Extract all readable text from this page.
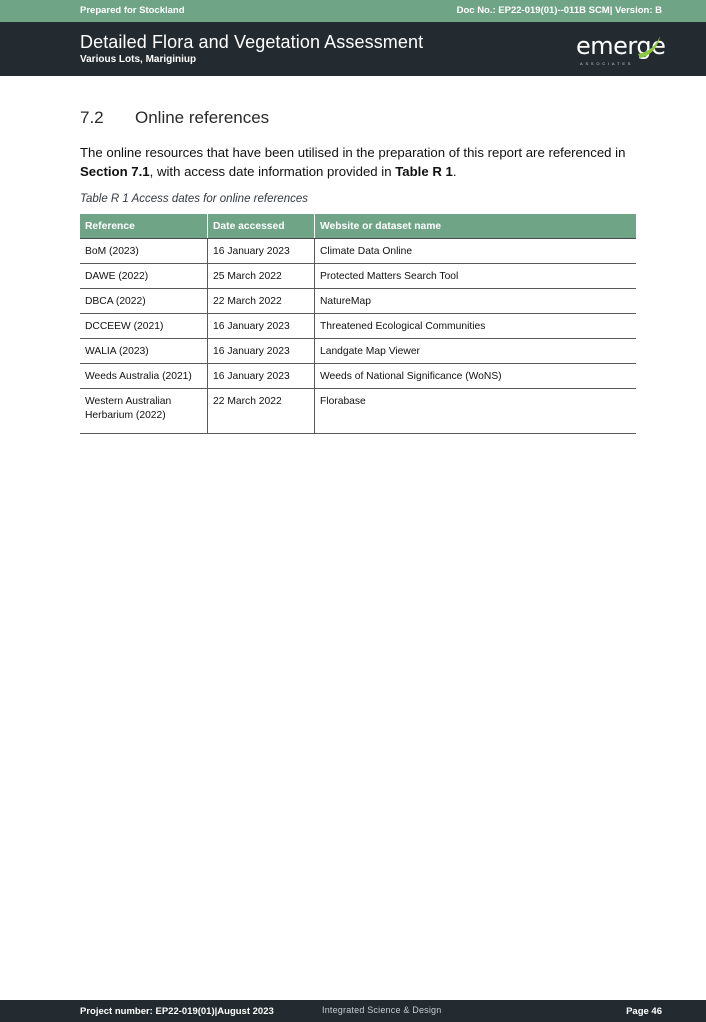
Prepared for Stockland	Doc No.: EP22-019(01)--011B SCM| Version: B
Detailed Flora and Vegetation Assessment
Various Lots, Mariginiup	emerge
ASSOCIATES
7.2 Online references
The online resources that have been utilised in the preparation of this report are referenced in Section 7.1, with access date information provided in Table R 1.
Table R 1 Access dates for online references
Reference	Date accessed	Website or dataset name
BoM (2023)	16 January 2023	Climate Data Online
DAWE (2022)	25 March 2022	Protected Matters Search Tool
DBCA (2022)	22 March 2022	NatureMap
DCCEEW (2021)	16 January 2023	Threatened Ecological Communities
WALIA (2023)	16 January 2023	Landgate Map Viewer
Weeds Australia (2021)	16 January 2023	Weeds of National Significance (WoNS)
Western Australian Herbarium (2022)	22 March 2022	Florabase
Project number: EP22-019(01)|August 2023	Integrated Science & Design	Page 46
